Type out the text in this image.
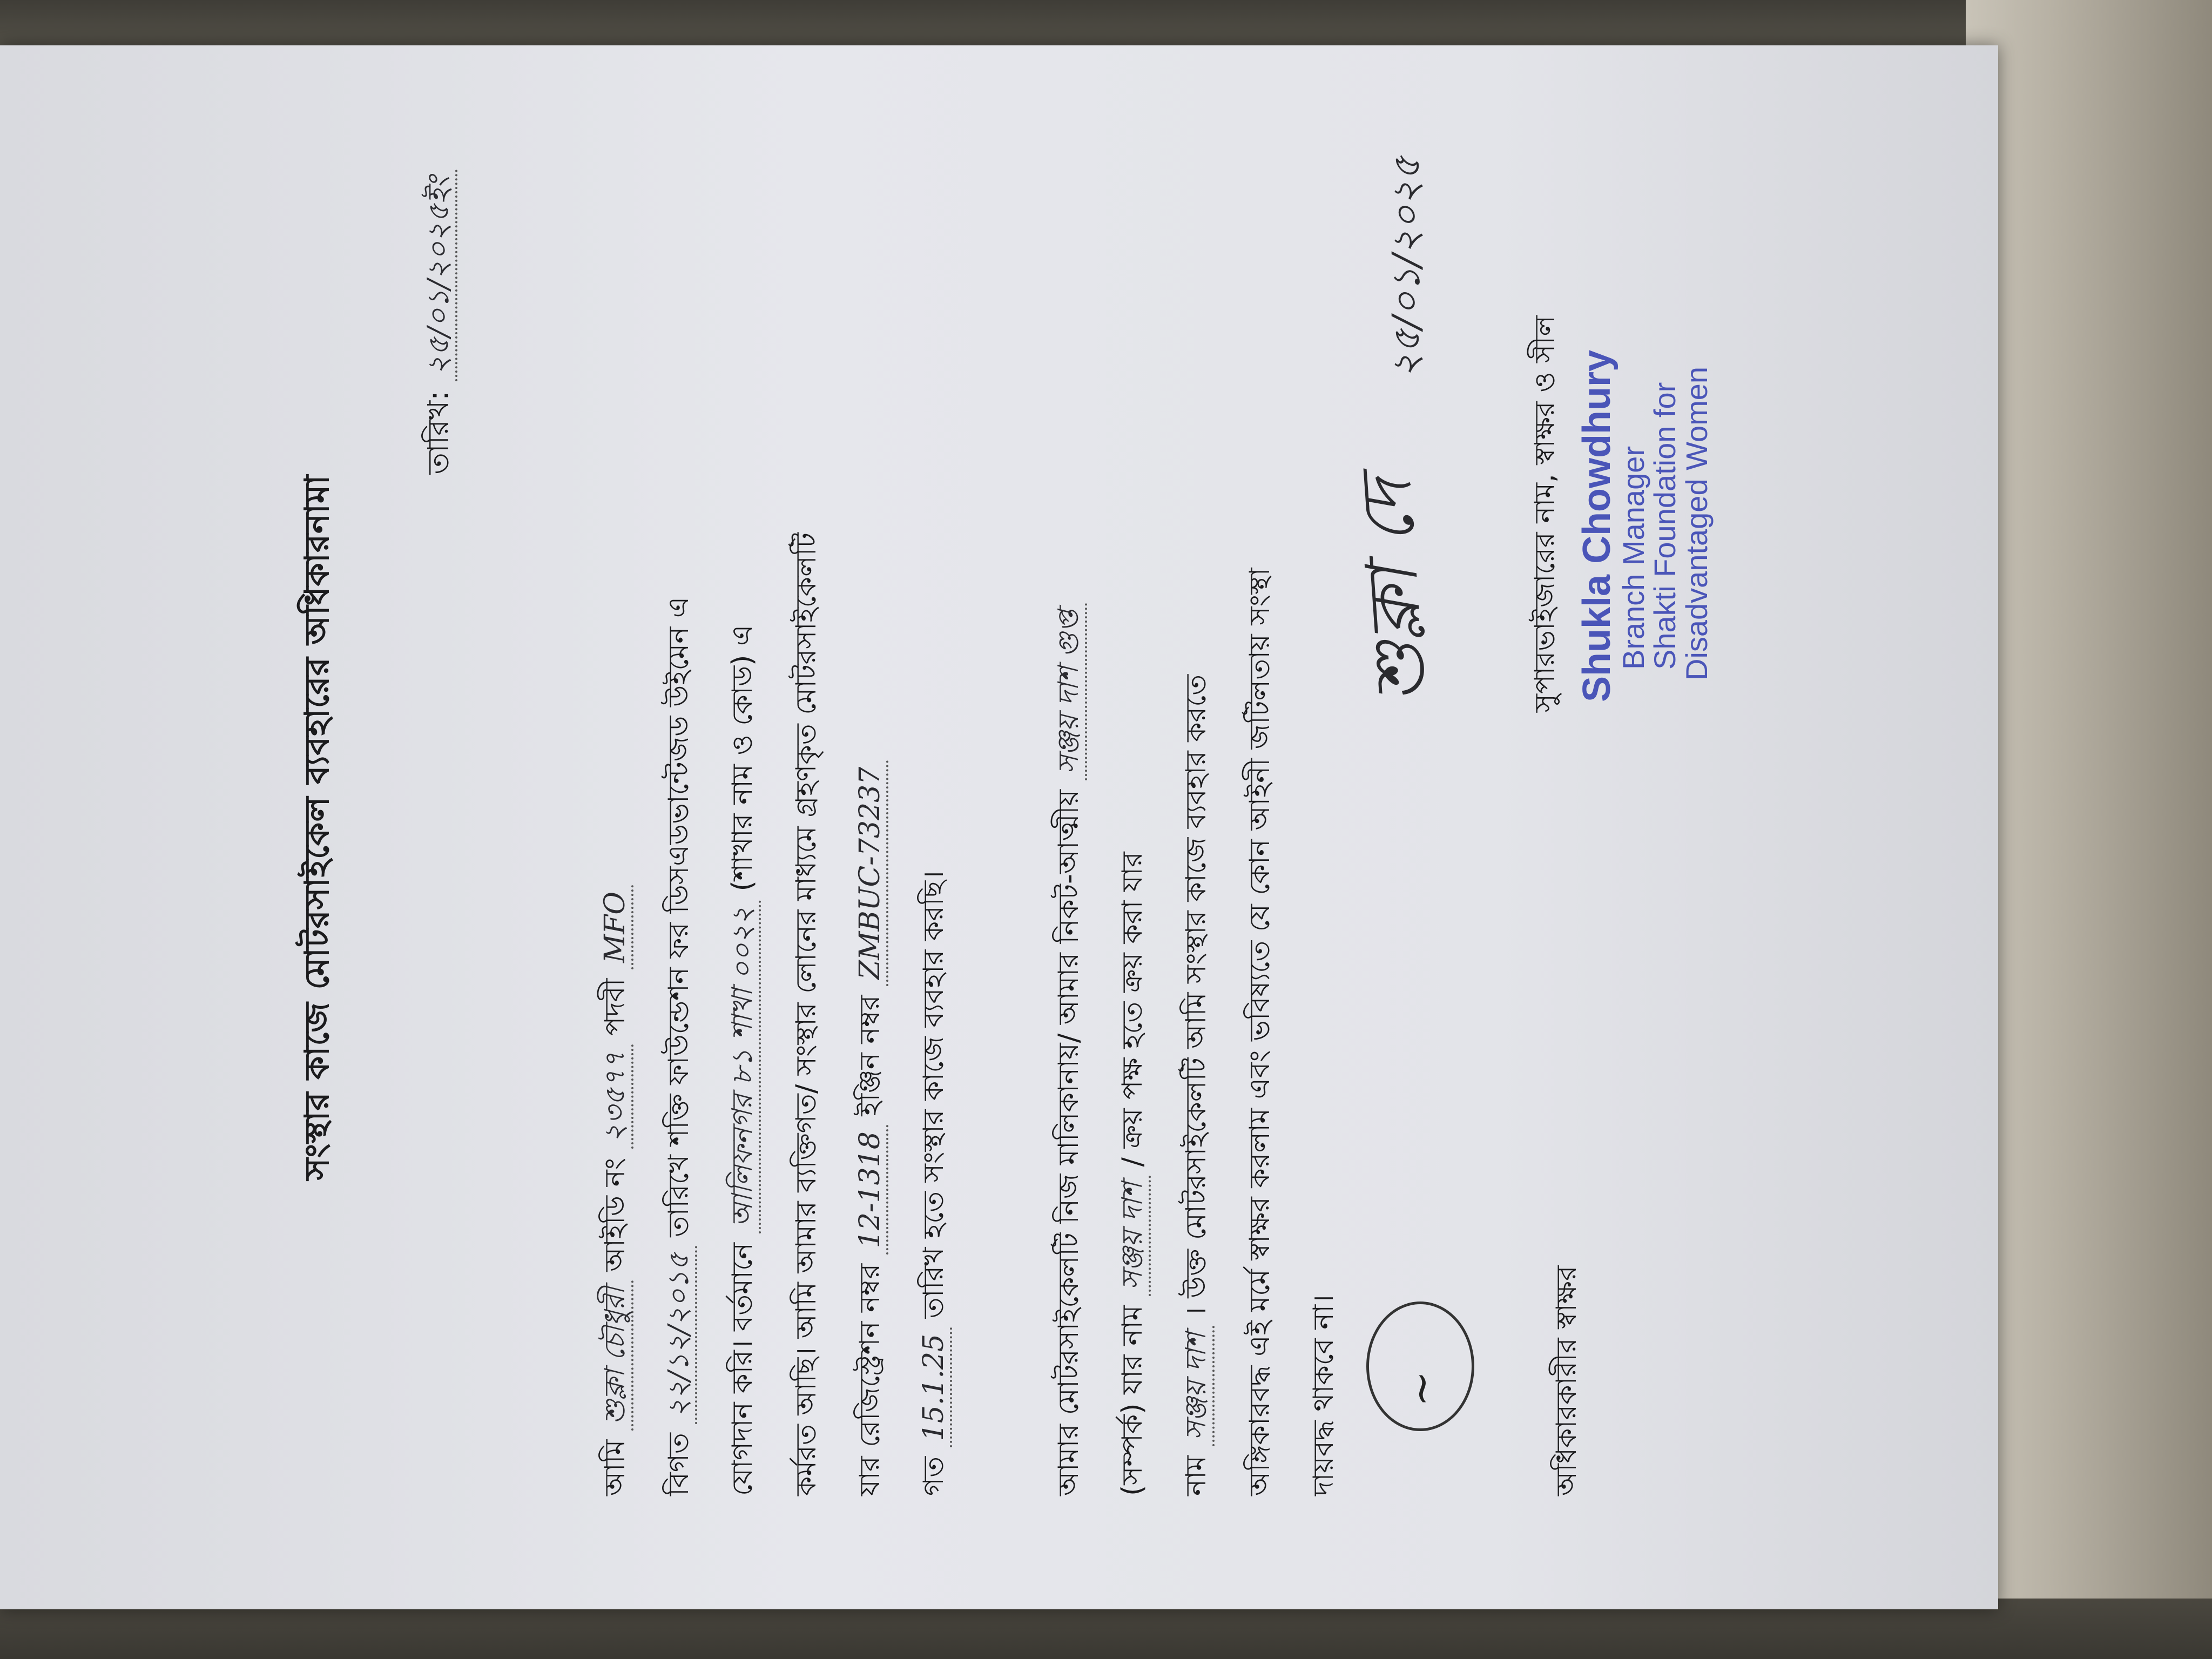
সংস্থার কাজে মোটরসাইকেল ব্যবহারের অধিকারনামা
তারিখ: ২৫/০১/২০২৫ইং
আমি শুক্লা চৌধুরী আইডি নং ২৩৫৭৭ পদবী MFO
বিগত ২২/১২/২০১৫ তারিখে শক্তি ফাউন্ডেশন ফর ডিসএডভান্টেজড উইমেন এ
যোগদান করি। বর্তমানে আলিফনগর ৮১ শাখা ০০২২ (শাখার নাম ও কোড) এ	কর্মরত আছি। আমি আমার ব্যক্তিগত/ সংস্থার লোনের মাধ্যমে গ্রহণকৃত মোটরসাইকেলটি	যার রেজিস্ট্রেশন নম্বর 12-1318 ইঞ্জিন নম্বর ZMBUC-73237
গত 15.1.25 তারিখ হতে সংস্থার কাজে ব্যবহার করছি।	আমার মোটরসাইকেলটি নিজ মালিকানায়/ আমার নিকট-আত্মীয় সঞ্জয় দাশ গুপ্ত
(সম্পর্ক) যার নাম সঞ্জয় দাশ / ক্রয় পক্ষ হতে ক্রয় করা যার
নাম সঞ্জয় দাশ । উক্ত মোটরসাইকেলটি আমি সংস্থার কাজে ব্যবহার করতে	অঙ্গিকারবদ্ধ এই মর্মে স্বাক্ষর করলাম এবং ভবিষ্যতে যে কোন আইনী জটিলতায় সংস্থা	দায়বদ্ধ থাকবে না।	~	অধিকারকারীর স্বাক্ষর
শুক্লা দে
২৫/০১/২০২৫
সুপারভাইজারের নাম, স্বাক্ষর ও সীল Shukla Chowdhury
Branch Manager
Shakti Foundation for
Disadvantaged Women
